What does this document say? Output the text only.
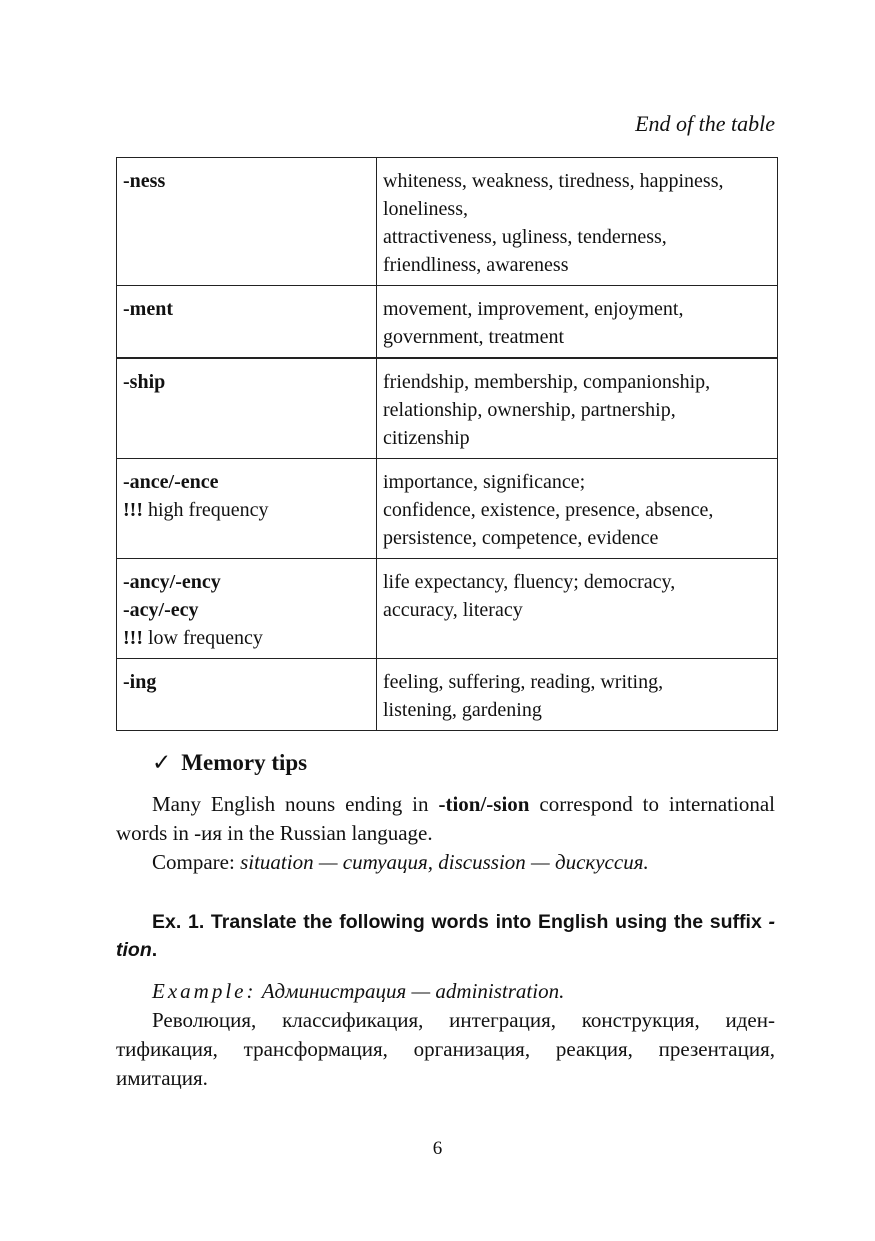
End of the table
-ness	whiteness, weakness, tiredness, happiness,
loneliness,
attractiveness, ugliness, tenderness,
friendliness, awareness

-ment	movement, improvement, enjoyment,
government, treatment

-ship	friendship, membership, companionship,
relationship, ownership, partnership,
citizenship

-ance/-ence
!!! high frequency	importance, significance;
confidence, existence, presence, absence,
persistence, competence, evidence

-ancy/-ency
-acy/-ecy
!!! low frequency	life expectancy, fluency; democracy,
accuracy, literacy

-ing	feeling, suffering, reading, writing,
listening, gardening
✓ Memory tips
Many English nouns ending in -tion/-sion correspond to international words in -ия in the Russian language.
Compare: situation — ситуация, discussion — дискуссия.
Ex. 1. Translate the following words into English using the suffix -tion.
Example: Администрация — administration.
Революция, классификация, интеграция, конструкция, иден-тификация, трансформация, организация, реакция, презентация, имитация.
6
